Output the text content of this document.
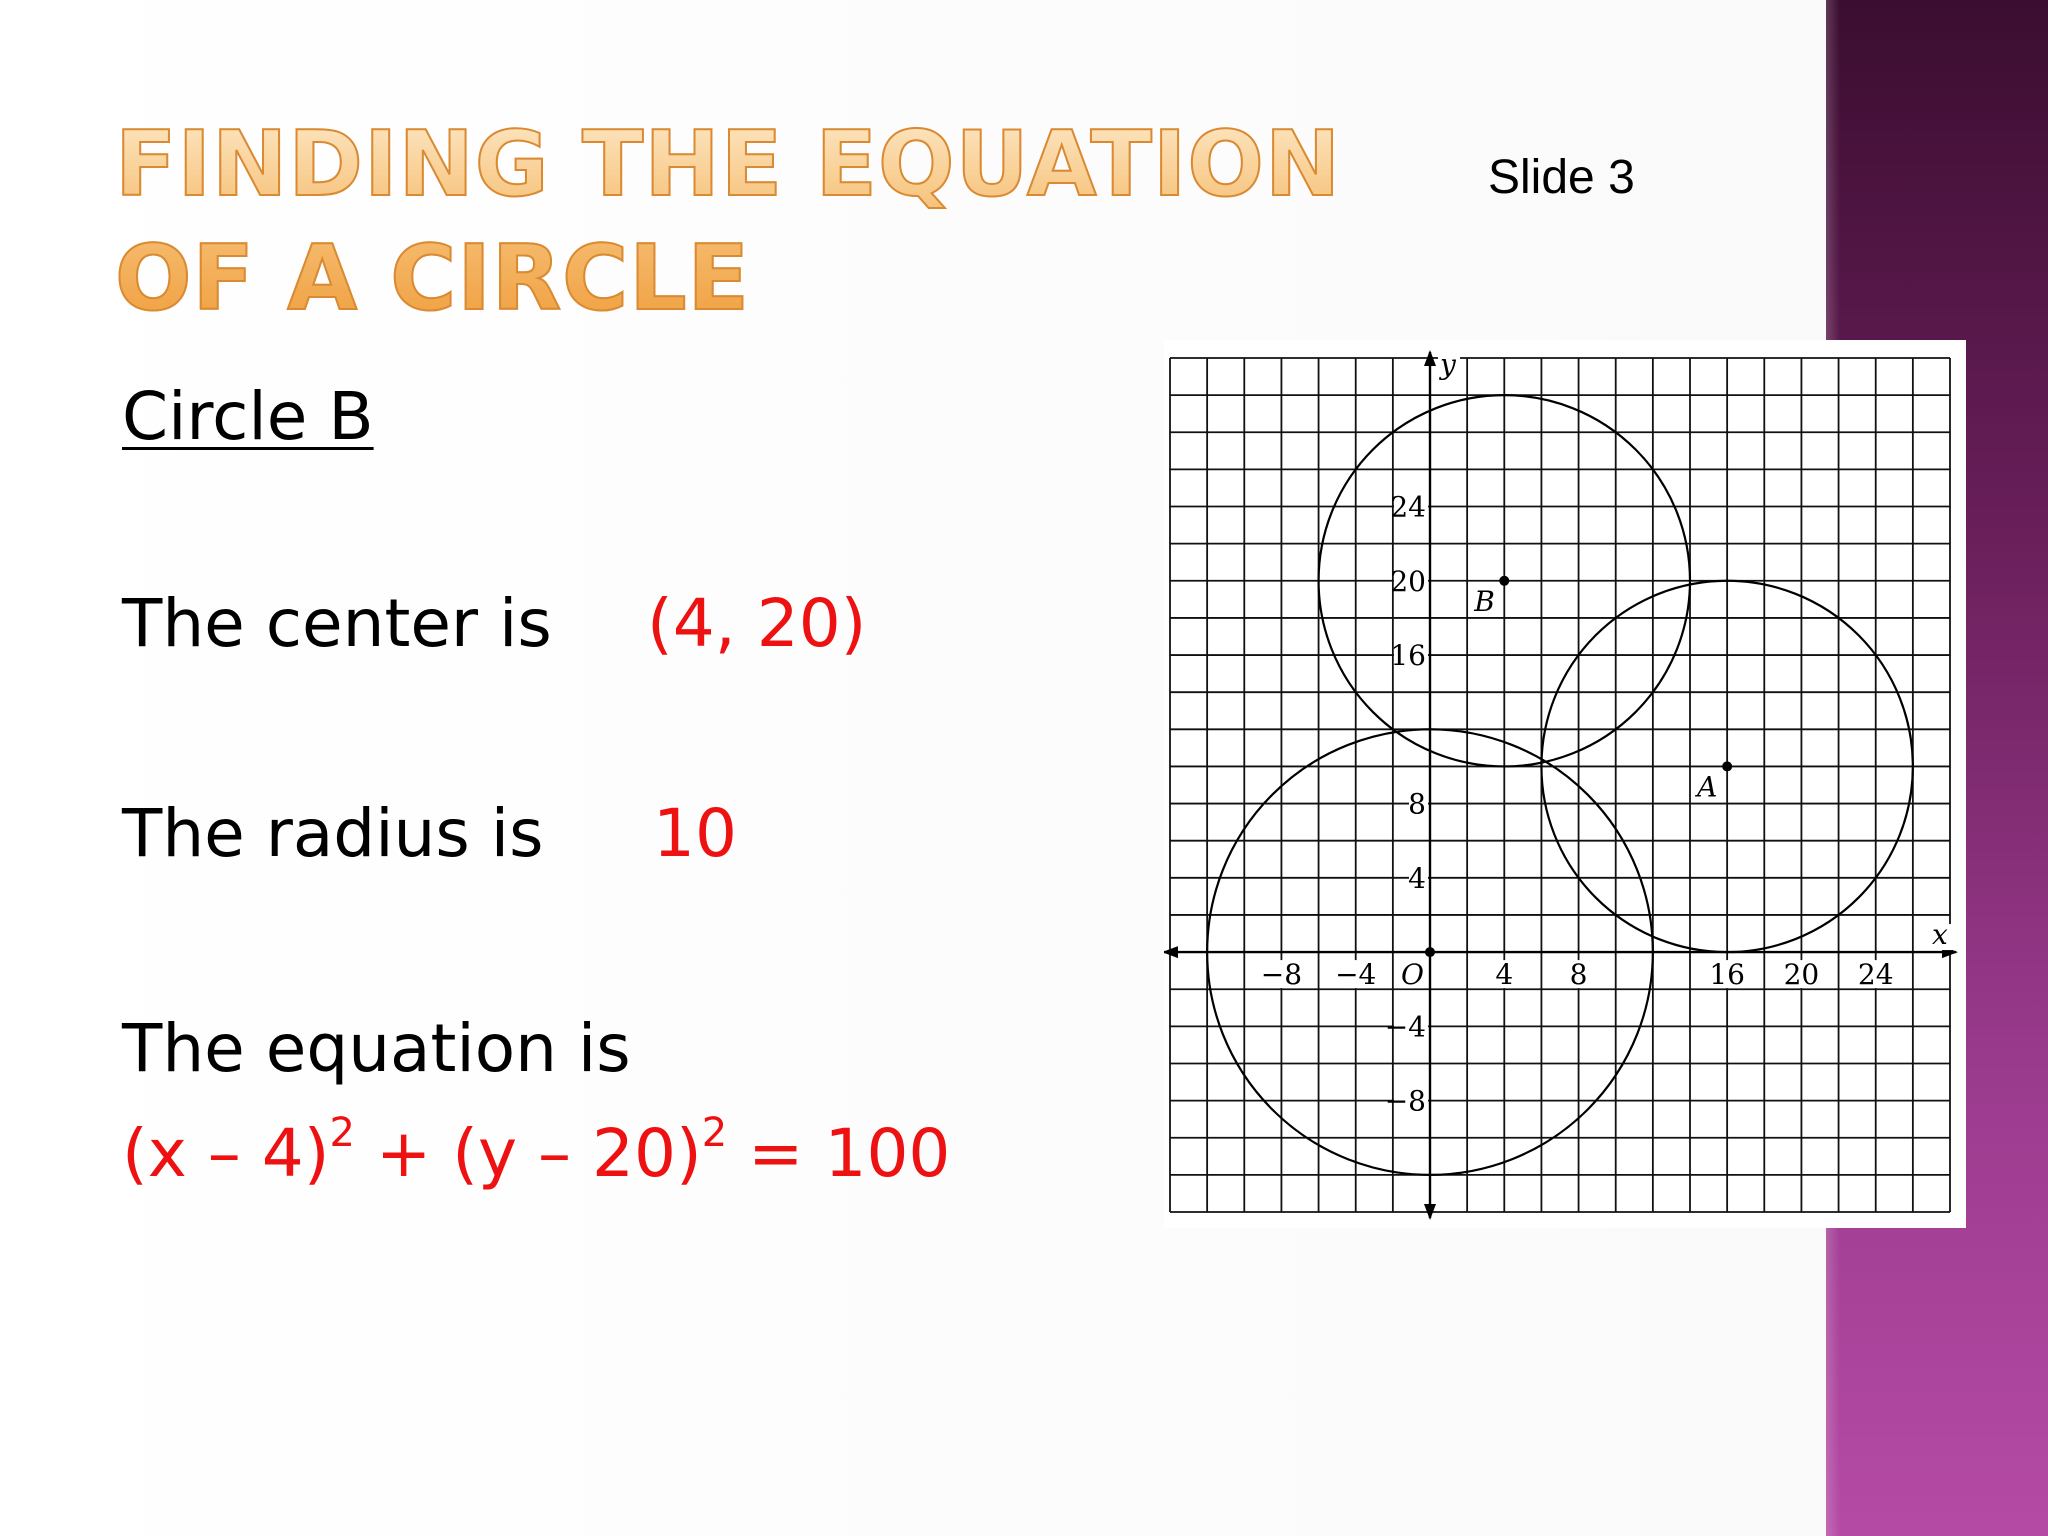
FINDING THE EQUATION OF A CIRCLE
Slide 3
Circle B
The center is (4, 20)
The radius is 10
The equation is
(x – 4)$^2$ + (y – 20)$^2$ = 100
B
A
−8 −4	4 8	16 20 24
24
20
16
8
4
−4
−8
O
y
x
